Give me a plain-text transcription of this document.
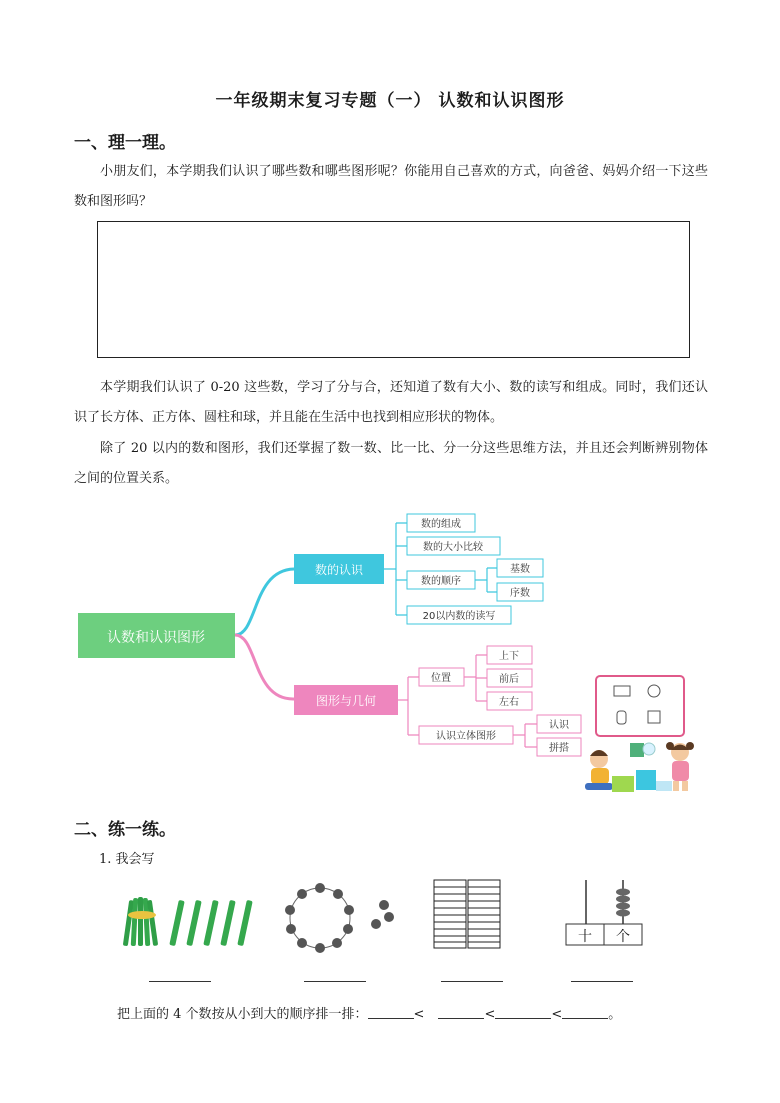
一年级期末复习专题（一） 认数和认识图形
一、理一理。
小朋友们，本学期我们认识了哪些数和哪些图形呢？你能用自己喜欢的方式，向爸爸、妈妈介绍一下这些数和图形吗？
本学期我们认识了 0-20 这些数，学习了分与合，还知道了数有大小、数的读写和组成。同时，我们还认识了长方体、正方体、圆柱和球，并且能在生活中也找到相应形状的物体。
除了 20 以内的数和图形，我们还掌握了数一数、比一比、分一分这些思维方法，并且还会判断辨别物体之间的位置关系。
认数和认识图形
数的认识
数的组成
数的大小比较
数的顺序
20以内数的读写
基数
序数
图形与几何
位置
认识立体图形
上下
前后
左右
认识
拼搭
二、练一练。
1. 我会写
十	个
把上面的 4 个数按从小到大的顺序排一排：	<	<	<	。
